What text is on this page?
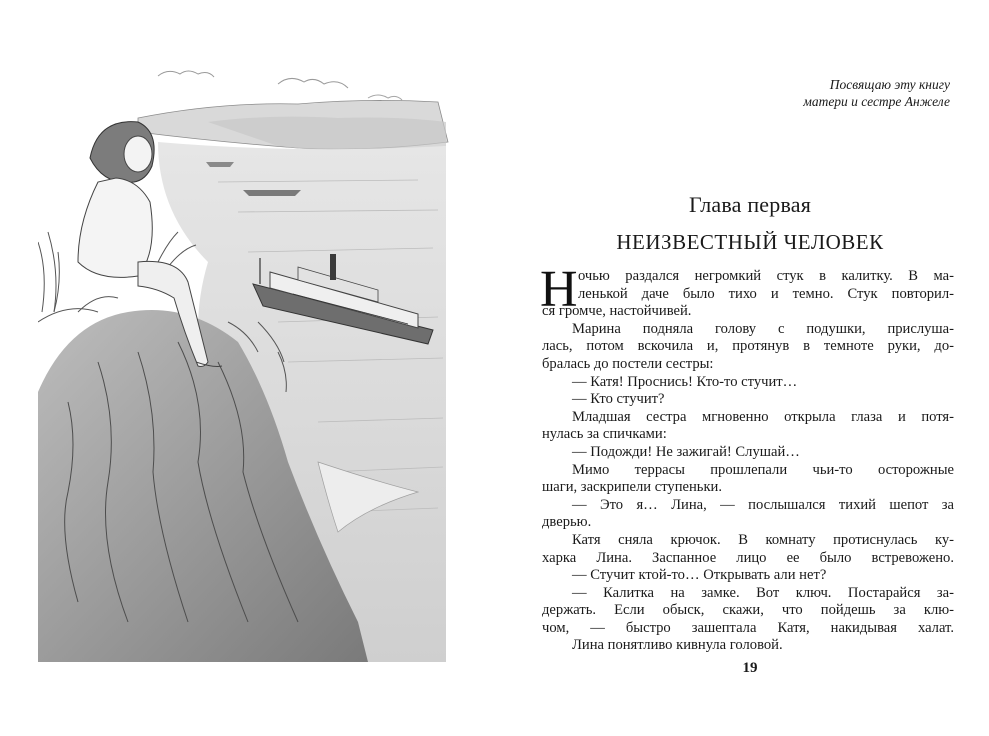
Посвящаю эту книгу
матери и сестре Анжеле
Глава первая
НЕИЗВЕСТНЫЙ ЧЕЛОВЕК
Н очью раздался негромкий стук в калитку. В ма-
ленькой даче было тихо и темно. Стук повторил-
ся громче, настойчивей.
Марина подняла голову с подушки, прислуша-
лась, потом вскочила и, протянув в темноте руки, до-
бралась до постели сестры:
— Катя! Проснись! Кто-то стучит…
— Кто стучит?
Младшая сестра мгновенно открыла глаза и потя-
нулась за спичками:
— Подожди! Не зажигай! Слушай…
Мимо террасы прошлепали чьи-то осторожные
шаги, заскрипели ступеньки.
— Это я… Лина, — послышался тихий шепот за
дверью.
Катя сняла крючок. В комнату протиснулась ку-
харка Лина. Заспанное лицо ее было встревожено.
— Стучит ктой-то… Открывать али нет?
— Калитка на замке. Вот ключ. Постарайся за-
держать. Если обыск, скажи, что пойдешь за клю-
чом, — быстро зашептала Катя, накидывая халат.
Лина понятливо кивнула головой.
19
